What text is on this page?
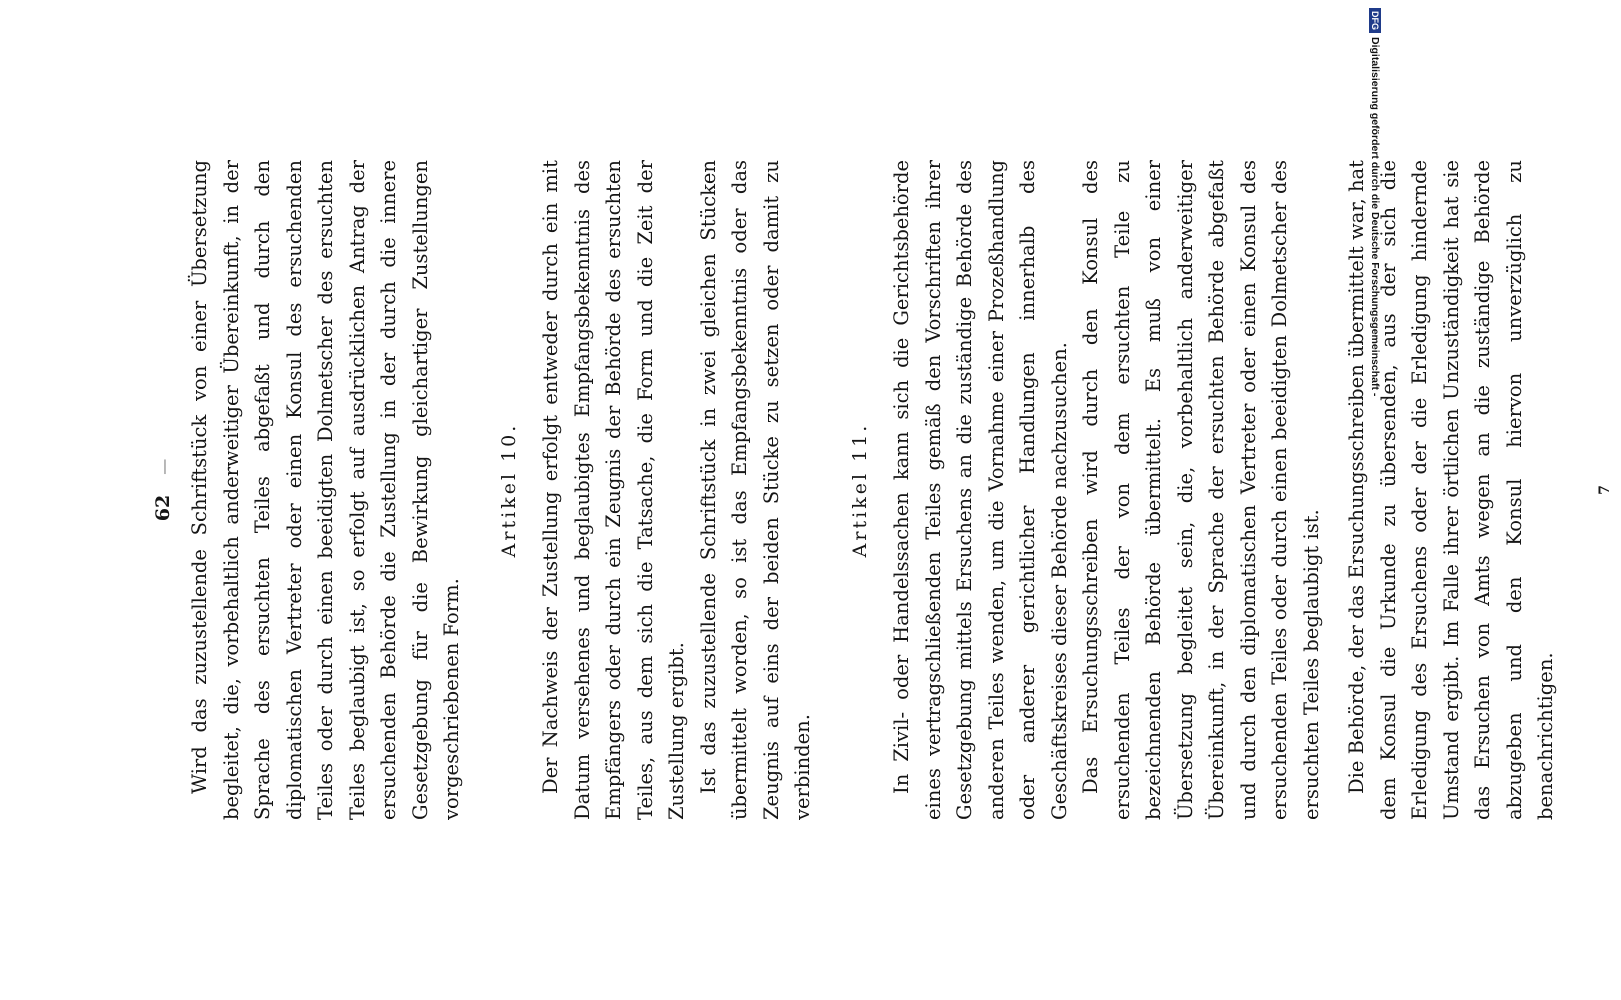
62
— Wird das zuzustellende Schriftstück von einer Übersetzung begleitet, die, vorbehaltlich anderweitiger Übereinkunft, in der Sprache des ersuchten Teiles abgefaßt und durch den diplomatischen Vertreter oder einen Konsul des ersuchenden Teiles oder durch einen beeidigten Dolmetscher des ersuchten Teiles beglaubigt ist, so erfolgt auf ausdrücklichen Antrag der ersuchenden Behörde die Zustellung in der durch die innere Gesetzgebung für die Bewirkung gleichartiger Zustellungen vorgeschriebenen Form.

Artikel 10. Der Nachweis der Zustellung erfolgt entweder durch ein mit Datum versehenes und beglaubigtes Empfangsbekenntnis des Empfängers oder durch ein Zeugnis der Behörde des ersuchten Teiles, aus dem sich die Tatsache, die Form und die Zeit der Zustellung ergibt. Ist das zuzustellende Schriftstück in zwei gleichen Stücken übermittelt worden, so ist das Empfangsbekenntnis oder das Zeugnis auf eins der beiden Stücke zu setzen oder damit zu verbinden.

Artikel 11. In Zivil- oder Handelssachen kann sich die Gerichtsbehörde eines vertragschließenden Teiles gemäß den Vorschriften ihrer Gesetzgebung mittels Ersuchens an die zuständige Behörde des anderen Teiles wenden, um die Vornahme einer Prozeßhandlung oder anderer gerichtlicher Handlungen innerhalb des Geschäftskreises dieser Behörde nachzusuchen. Das Ersuchungsschreiben wird durch den Konsul des ersuchenden Teiles der von dem ersuchten Teile zu bezeichnenden Behörde übermittelt. Es muß von einer Übersetzung begleitet sein, die, vorbehaltlich anderweitiger Übereinkunft, in der Sprache der ersuchten Behörde abgefaßt und durch den diplomatischen Vertreter oder einen Konsul des ersuchenden Teiles oder durch einen beeidigten Dolmetscher des ersuchten Teiles beglaubigt ist. Die Behörde, der das Ersuchungsschreiben übermittelt war, hat dem Konsul die Urkunde zu übersenden, aus der sich die Erledigung des Ersuchens oder der die Erledigung hindernde Umstand ergibt. Im Falle ihrer örtlichen Unzuständigkeit hat sie das Ersuchen von Amts wegen an die zuständige Behörde abzugeben und den Konsul hiervon unverzüglich zu benachrichtigen.

7
DFG
Digitalisierung gefördert durch die Deutsche Forschungsgemeinschaft -
